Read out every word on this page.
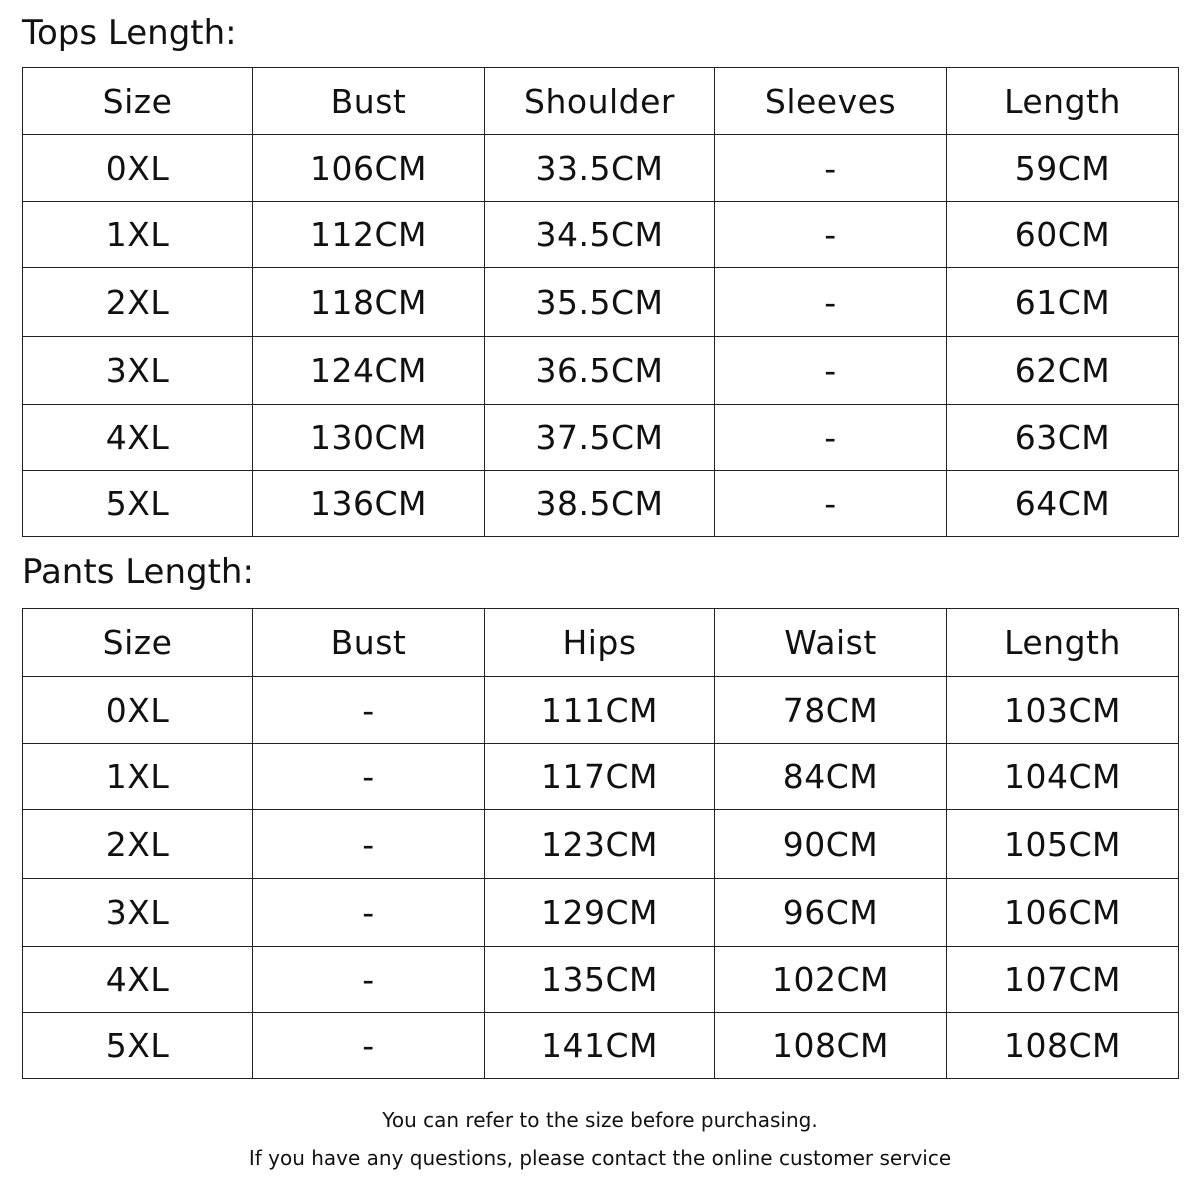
Tops Length:
Size	Bust	Shoulder	Sleeves	Length
0XL	106CM	33.5CM	-	59CM
1XL	112CM	34.5CM	-	60CM
2XL	118CM	35.5CM	-	61CM
3XL	124CM	36.5CM	-	62CM
4XL	130CM	37.5CM	-	63CM
5XL	136CM	38.5CM	-	64CM
Pants Length:
Size	Bust	Hips	Waist	Length
0XL	-	111CM	78CM	103CM
1XL	-	117CM	84CM	104CM
2XL	-	123CM	90CM	105CM
3XL	-	129CM	96CM	106CM
4XL	-	135CM	102CM	107CM
5XL	-	141CM	108CM	108CM
You can refer to the size before purchasing.
If you have any questions, please contact the online customer service
